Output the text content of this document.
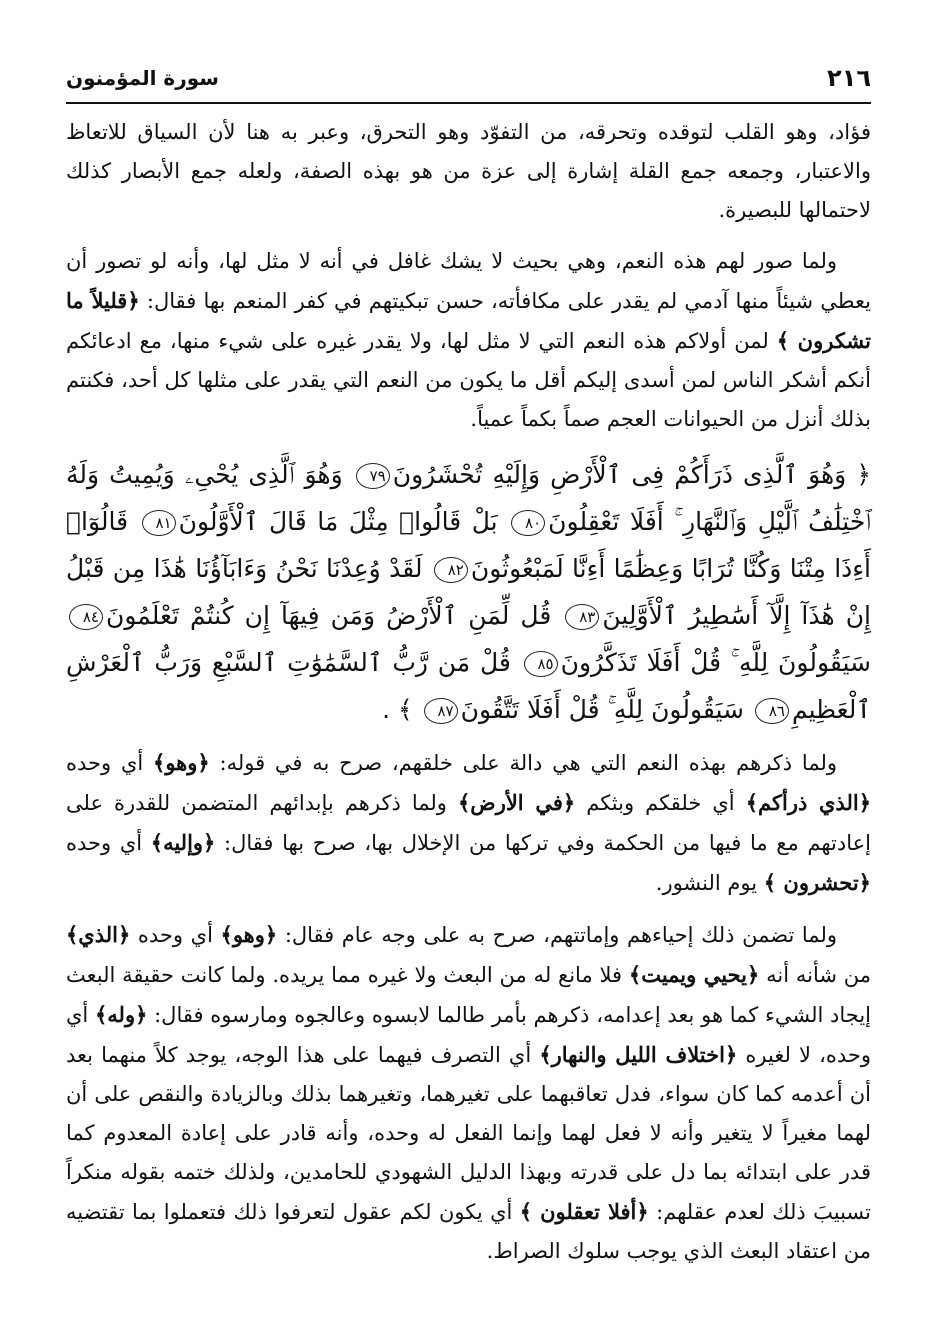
٢١٦
سورة المؤمنون

فؤاد، وهو القلب لتوقده وتحرقه، من التفوّد وهو التحرق، وعبر به هنا لأن السياق للاتعاظ والاعتبار، وجمعه جمع القلة إشارة إلى عزة من هو بهذه الصفة، ولعله جمع الأبصار كذلك لاحتمالها للبصيرة.

ولما صور لهم هذه النعم، وهي بحيث لا يشك غافل في أنه لا مثل لها، وأنه لو تصور أن يعطي شيئاً منها آدمي لم يقدر على مكافأته، حسن تبكيتهم في كفر المنعم بها فقال: ﴿قليلاً ما تشكرون ﴾ لمن أولاكم هذه النعم التي لا مثل لها، ولا يقدر غيره على شيء منها، مع ادعائكم أنكم أشكر الناس لمن أسدى إليكم أقل ما يكون من النعم التي يقدر على مثلها كل أحد، فكنتم بذلك أنزل من الحيوانات العجم صماً بكماً عمياً.

﴿ وَهُوَ ٱلَّذِى ذَرَأَكُمْ فِى ٱلْأَرْضِ وَإِلَيْهِ تُحْشَرُونَ٧٩ وَهُوَ ٱلَّذِى يُحْىِۦ وَيُمِيتُ وَلَهُ ٱخْتِلَٰفُ ٱلَّيْلِ وَٱلنَّهَارِ ۚ أَفَلَا تَعْقِلُونَ٨٠ بَلْ قَالُوا۟ مِثْلَ مَا قَالَ ٱلْأَوَّلُونَ٨١ قَالُوٓا۟ أَءِذَا مِتْنَا وَكُنَّا تُرَابًا وَعِظَٰمًا أَءِنَّا لَمَبْعُوثُونَ٨٢ لَقَدْ وُعِدْنَا نَحْنُ وَءَابَآؤُنَا هَٰذَا مِن قَبْلُ إِنْ هَٰذَآ إِلَّآ أَسَٰطِيرُ ٱلْأَوَّلِينَ٨٣ قُل لِّمَنِ ٱلْأَرْضُ وَمَن فِيهَآ إِن كُنتُمْ تَعْلَمُونَ٨٤ سَيَقُولُونَ لِلَّهِ ۚ قُلْ أَفَلَا تَذَكَّرُونَ٨٥ قُلْ مَن رَّبُّ ٱلسَّمَٰوَٰتِ ٱلسَّبْعِ وَرَبُّ ٱلْعَرْشِ ٱلْعَظِيمِ٨٦ سَيَقُولُونَ لِلَّهِ ۚ قُلْ أَفَلَا تَتَّقُونَ٨٧ ﴾ .

ولما ذكرهم بهذه النعم التي هي دالة على خلقهم، صرح به في قوله: ﴿وهو﴾ أي وحده ﴿الذي ذرأكم﴾ أي خلقكم وبثكم ﴿في الأرض﴾ ولما ذكرهم بإبدائهم المتضمن للقدرة على إعادتهم مع ما فيها من الحكمة وفي تركها من الإخلال بها، صرح بها فقال: ﴿وإليه﴾ أي وحده ﴿تحشرون ﴾ يوم النشور.

ولما تضمن ذلك إحياءهم وإماتتهم، صرح به على وجه عام فقال: ﴿وهو﴾ أي وحده ﴿الذي﴾ من شأنه أنه ﴿يحيي ويميت﴾ فلا مانع له من البعث ولا غيره مما يريده. ولما كانت حقيقة البعث إيجاد الشيء كما هو بعد إعدامه، ذكرهم بأمر طالما لابسوه وعالجوه ومارسوه فقال: ﴿وله﴾ أي وحده، لا لغيره ﴿اختلاف الليل والنهار﴾ أي التصرف فيهما على هذا الوجه، يوجد كلاً منهما بعد أن أعدمه كما كان سواء، فدل تعاقبهما على تغيرهما، وتغيرهما بذلك وبالزيادة والنقص على أن لهما مغيراً لا يتغير وأنه لا فعل لهما وإنما الفعل له وحده، وأنه قادر على إعادة المعدوم كما قدر على ابتدائه بما دل على قدرته وبهذا الدليل الشهودي للحامدين، ولذلك ختمه بقوله منكراً تسبيبَ ذلك لعدم عقلهم: ﴿أفلا تعقلون ﴾ أي يكون لكم عقول لتعرفوا ذلك فتعملوا بما تقتضيه من اعتقاد البعث الذي يوجب سلوك الصراط.
